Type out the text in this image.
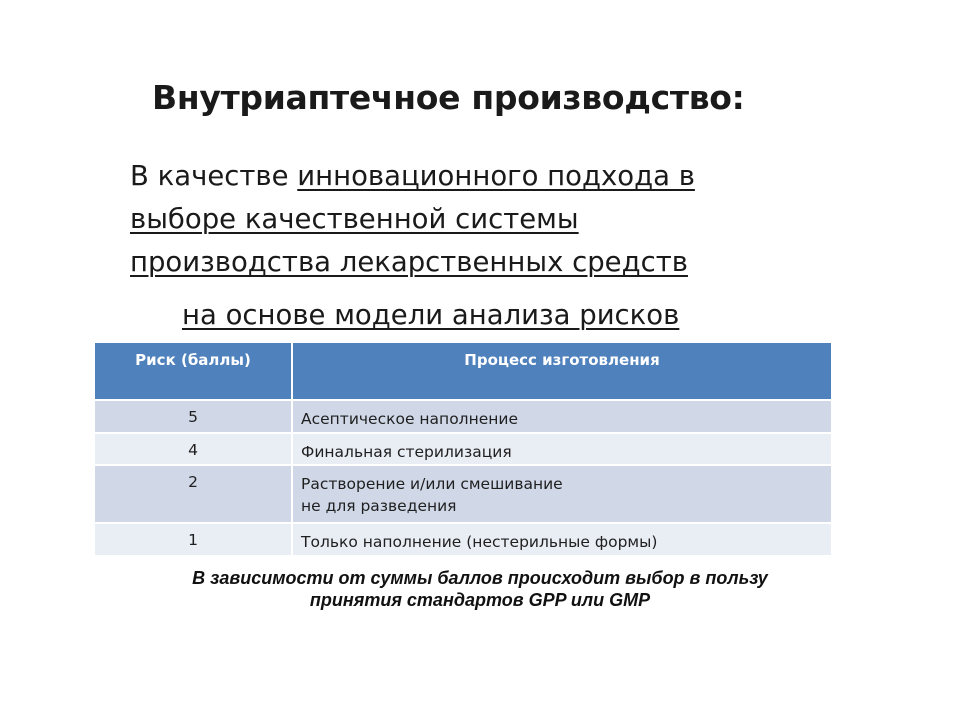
Внутриаптечное производство:
В качестве инновационного подхода в
выборе качественной системы
производства лекарственных средств
на основе модели анализа рисков
Риск (баллы)	Процесс изготовления
5	Асептическое наполнение
4	Финальная стерилизация
2	Растворение и/или смешивание
не для разведения

1	Только наполнение (нестерильные формы)
В зависимости от суммы баллов происходит выбор в пользу
принятия стандартов GPP или GMP
